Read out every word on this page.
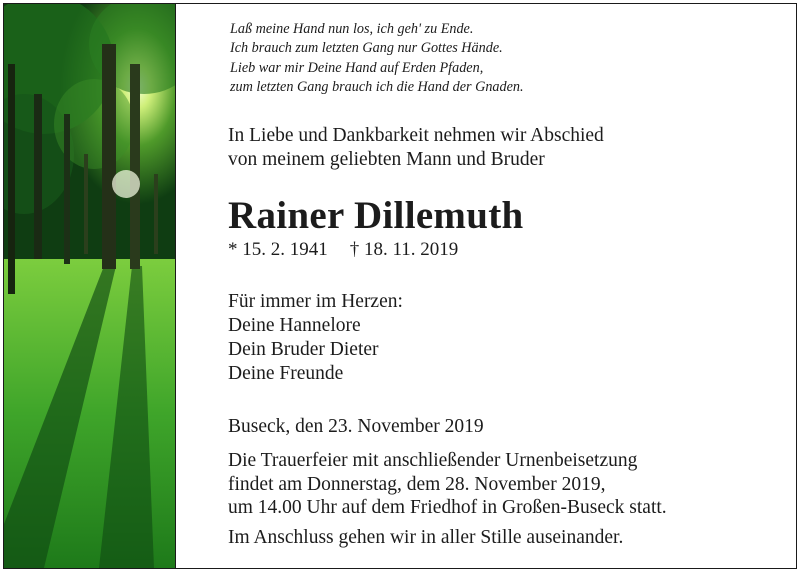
Laß meine Hand nun los, ich geh' zu Ende.
Ich brauch zum letzten Gang nur Gottes Hände.
Lieb war mir Deine Hand auf Erden Pfaden,
zum letzten Gang brauch ich die Hand der Gnaden.
In Liebe und Dankbarkeit nehmen wir Abschied
von meinem geliebten Mann und Bruder
Rainer Dillemuth
* 15. 2. 1941 † 18. 11. 2019
Für immer im Herzen:
Deine Hannelore
Dein Bruder Dieter
Deine Freunde
Buseck, den 23. November 2019
Die Trauerfeier mit anschließender Urnenbeisetzung
findet am Donnerstag, dem 28. November 2019,
um 14.00 Uhr auf dem Friedhof in Großen-Buseck statt.
Im Anschluss gehen wir in aller Stille auseinander.
